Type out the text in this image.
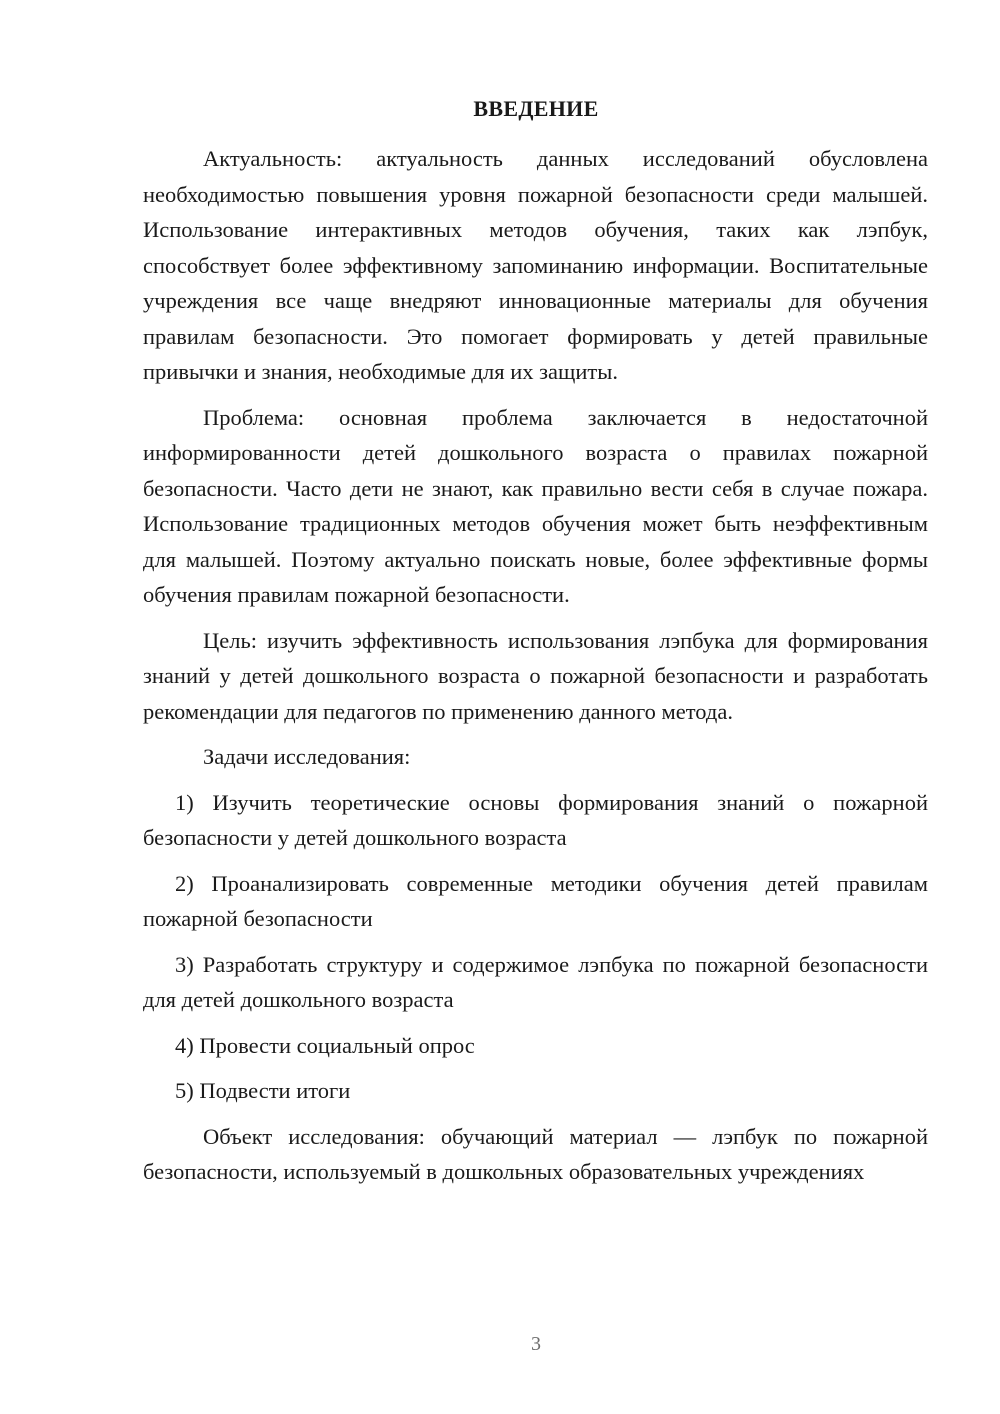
ВВЕДЕНИЕ

Актуальность: актуальность данных исследований обусловлена необходимостью повышения уровня пожарной безопасности среди малышей. Использование интерактивных методов обучения, таких как лэпбук, способствует более эффективному запоминанию информации. Воспитательные учреждения все чаще внедряют инновационные материалы для обучения правилам безопасности. Это помогает формировать у детей правильные привычки и знания, необходимые для их защиты.

Проблема: основная проблема заключается в недостаточной информированности детей дошкольного возраста о правилах пожарной безопасности. Часто дети не знают, как правильно вести себя в случае пожара. Использование традиционных методов обучения может быть неэффективным для малышей. Поэтому актуально поискать новые, более эффективные формы обучения правилам пожарной безопасности.

Цель: изучить эффективность использования лэпбука для формирования знаний у детей дошкольного возраста о пожарной безопасности и разработать рекомендации для педагогов по применению данного метода.

Задачи исследования:

1) Изучить теоретические основы формирования знаний о пожарной безопасности у детей дошкольного возраста

2) Проанализировать современные методики обучения детей правилам пожарной безопасности

3) Разработать структуру и содержимое лэпбука по пожарной безопасности для детей дошкольного возраста

4) Провести социальный опрос

5) Подвести итоги

Объект исследования: обучающий материал — лэпбук по пожарной безопасности, используемый в дошкольных образовательных учреждениях

3
